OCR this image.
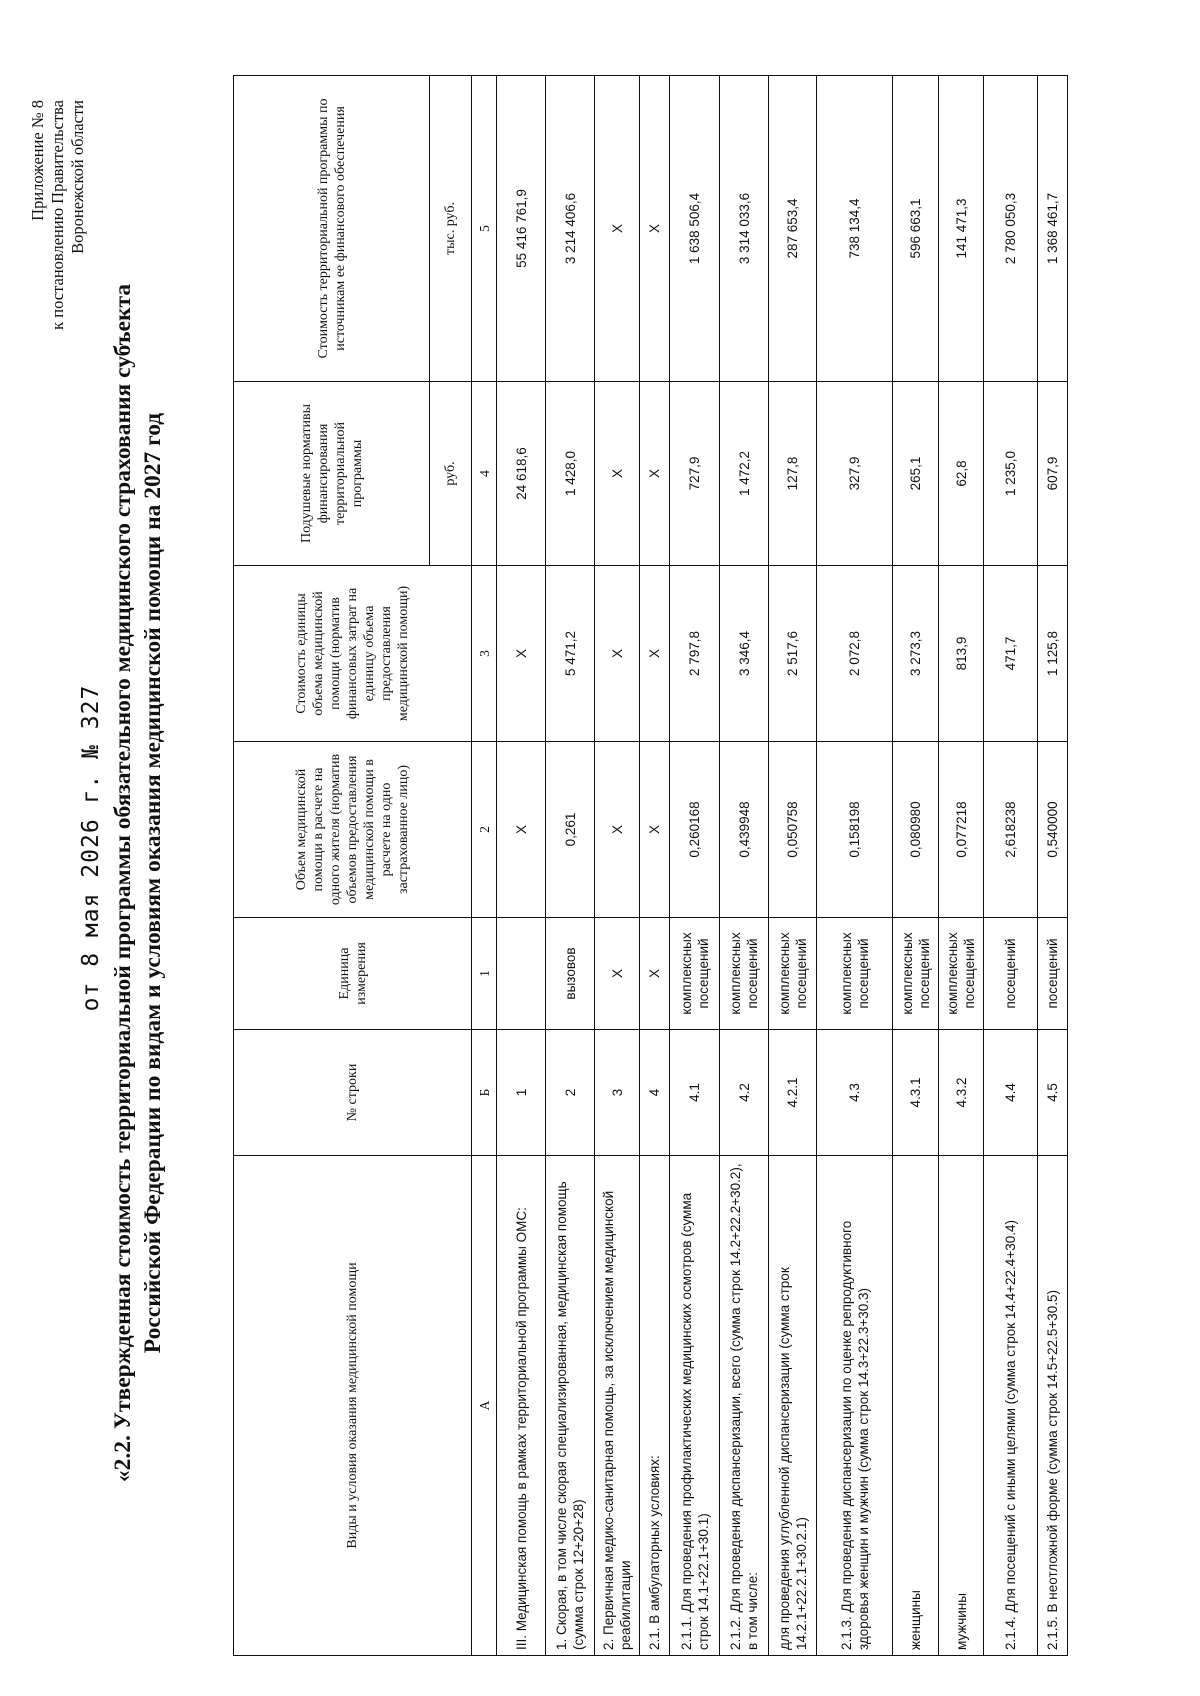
Приложение № 8 к постановлению Правительства Воронежской области
от 8 мая 2026 г. № 327 «2.2. Утвержденная стоимость территориальной программы обязательного медицинского страхования субъекта Российской Федерации по видам и условиям оказания медицинской помощи на 2027 год
Виды и условия оказания медицинской помощи	№ строки	Единица измерения	Объем медицинской помощи в расчете на одного жителя (норматив объемов предоставления медицинской помощи в расчете на одно застрахованное лицо)	Стоимость единицы объема медицинской помощи (норматив финансовых затрат на единицу объема предоставления медицинской помощи)	Подушевые нормативы финансирования территориальной программы	Стоимость территориальной программы по источникам ее финансового обеспечения
					руб.	тыс. руб.
А	Б	1	2	3	4	5
III. Медицинская помощь в рамках территориальной программы ОМС:	1		Х	Х	24 618,6	55 416 761,9
1. Скорая, в том числе скорая специализированная, медицинская помощь (сумма строк 12+20+28)	2	вызовов	0,261	5 471,2	1 428,0	3 214 406,6
2. Первичная медико-санитарная помощь, за исключением медицинской реабилитации	3	Х	Х	Х	Х	Х
2.1. В амбулаторных условиях:	4	Х	Х	Х	Х	Х
2.1.1. Для проведения профилактических медицинских осмотров (сумма строк 14.1+22.1+30.1)	4.1	комплексных посещений	0,260168	2 797,8	727,9	1 638 506,4
2.1.2. Для проведения диспансеризации, всего (сумма строк 14.2+22.2+30.2), в том числе:	4.2	комплексных посещений	0,439948	3 346,4	1 472,2	3 314 033,6
для проведения углубленной диспансеризации (сумма строк 14.2.1+22.2.1+30.2.1)	4.2.1	комплексных посещений	0,050758	2 517,6	127,8	287 653,4
2.1.3. Для проведения диспансеризации по оценке репродуктивного здоровья женщин и мужчин (сумма строк 14.3+22.3+30.3)	4.3	комплексных посещений	0,158198	2 072,8	327,9	738 134,4
женщины	4.3.1	комплексных посещений	0,080980	3 273,3	265,1	596 663,1
мужчины	4.3.2	комплексных посещений	0,077218	813,9	62,8	141 471,3
2.1.4. Для посещений с иными целями (сумма строк 14.4+22.4+30.4)	4.4	посещений	2,618238	471,7	1 235,0	2 780 050,3
2.1.5. В неотложной форме (сумма строк 14.5+22.5+30.5)	4.5	посещений	0,540000	1 125,8	607,9	1 368 461,7
